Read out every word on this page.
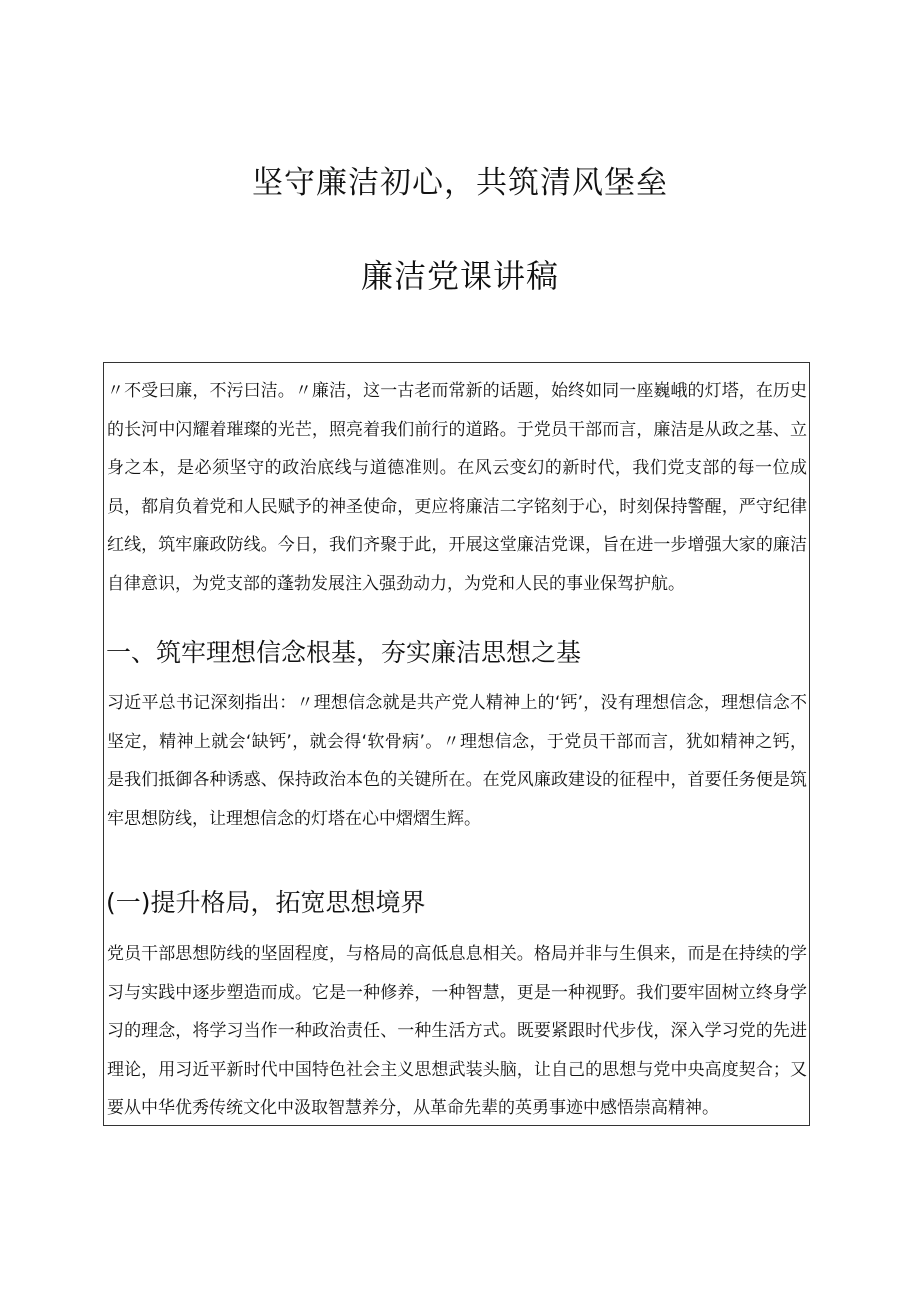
坚守廉洁初心，共筑清风堡垒
廉洁党课讲稿

〃不受曰廉，不污曰洁。〃廉洁，这一古老而常新的话题，始终如同一座巍峨的灯塔，在历史的长河中闪耀着璀璨的光芒，照亮着我们前行的道路。于党员干部而言，廉洁是从政之基、立身之本，是必须坚守的政治底线与道德准则。在风云变幻的新时代，我们党支部的每一位成员，都肩负着党和人民赋予的神圣使命，更应将廉洁二字铭刻于心，时刻保持警醒，严守纪律红线，筑牢廉政防线。今日，我们齐聚于此，开展这堂廉洁党课，旨在进一步增强大家的廉洁自律意识，为党支部的蓬勃发展注入强劲动力，为党和人民的事业保驾护航。

一、筑牢理想信念根基，夯实廉洁思想之基

习近平总书记深刻指出：〃理想信念就是共产党人精神上的‘钙’，没有理想信念，理想信念不坚定，精神上就会‘缺钙’，就会得‘软骨病’。〃理想信念，于党员干部而言，犹如精神之钙，是我们抵御各种诱惑、保持政治本色的关键所在。在党风廉政建设的征程中，首要任务便是筑牢思想防线，让理想信念的灯塔在心中熠熠生辉。

(一)提升格局，拓宽思想境界

党员干部思想防线的坚固程度，与格局的高低息息相关。格局并非与生俱来，而是在持续的学习与实践中逐步塑造而成。它是一种修养，一种智慧，更是一种视野。我们要牢固树立终身学习的理念，将学习当作一种政治责任、一种生活方式。既要紧跟时代步伐，深入学习党的先进理论，用习近平新时代中国特色社会主义思想武装头脑，让自己的思想与党中央高度契合；又要从中华优秀传统文化中汲取智慧养分，从革命先辈的英勇事迹中感悟崇高精神。
